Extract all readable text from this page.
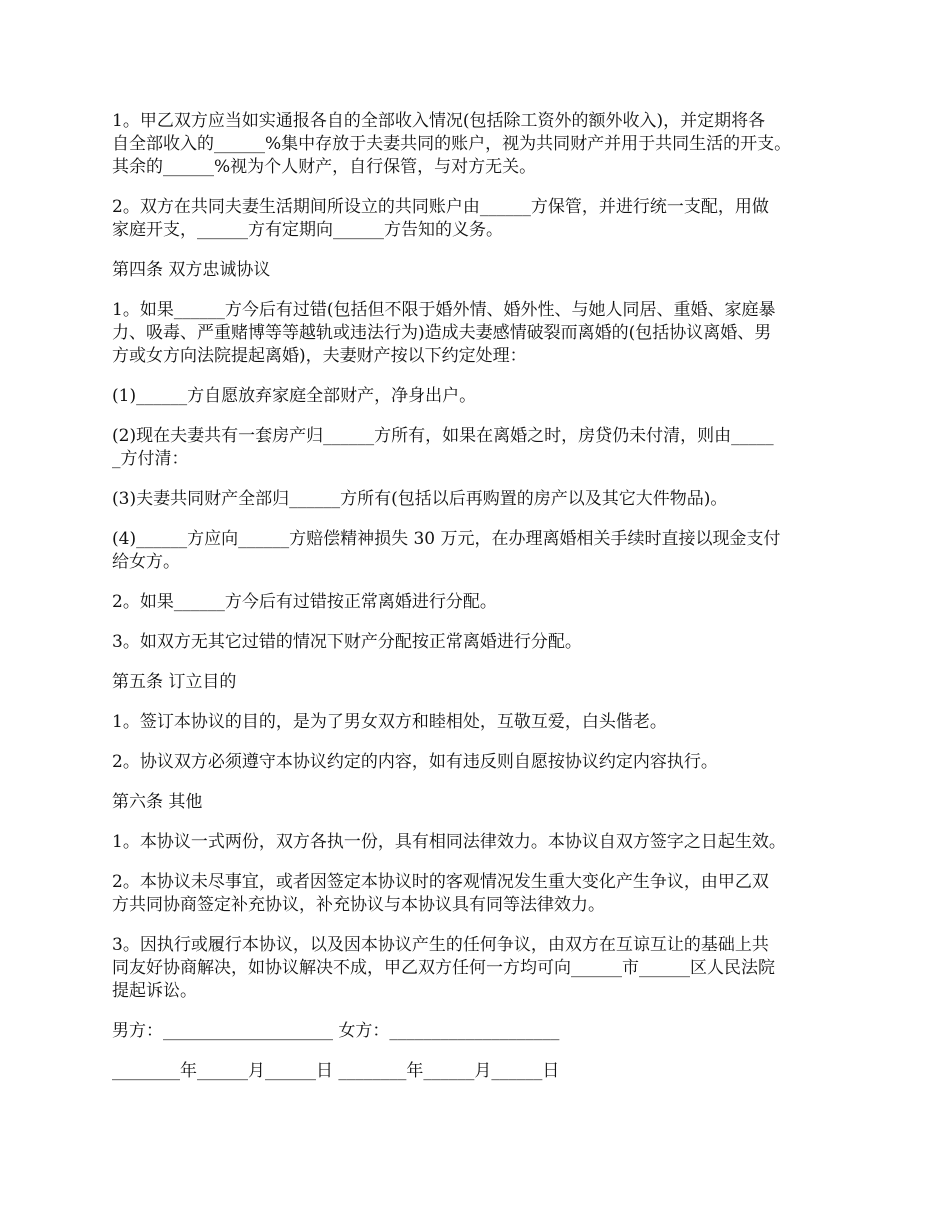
1。甲乙双方应当如实通报各自的全部收入情况(包括除工资外的额外收入)，并定期将各
自全部收入的______%集中存放于夫妻共同的账户，视为共同财产并用于共同生活的开支。
其余的______%视为个人财产，自行保管，与对方无关。
2。双方在共同夫妻生活期间所设立的共同账户由______方保管，并进行统一支配，用做
家庭开支，______方有定期向______方告知的义务。
第四条 双方忠诚协议
1。如果______方今后有过错(包括但不限于婚外情、婚外性、与她人同居、重婚、家庭暴
力、吸毒、严重赌博等等越轨或违法行为)造成夫妻感情破裂而离婚的(包括协议离婚、男
方或女方向法院提起离婚)，夫妻财产按以下约定处理：
(1)______方自愿放弃家庭全部财产，净身出户。
(2)现在夫妻共有一套房产归______方所有，如果在离婚之时，房贷仍未付清，则由_____
_方付清：
(3)夫妻共同财产全部归______方所有(包括以后再购置的房产以及其它大件物品)。
(4)______方应向______方赔偿精神损失 30 万元，在办理离婚相关手续时直接以现金支付
给女方。
2。如果______方今后有过错按正常离婚进行分配。
3。如双方无其它过错的情况下财产分配按正常离婚进行分配。
第五条 订立目的
1。签订本协议的目的，是为了男女双方和睦相处，互敬互爱，白头偕老。
2。协议双方必须遵守本协议约定的内容，如有违反则自愿按协议约定内容执行。
第六条 其他
1。本协议一式两份，双方各执一份，具有相同法律效力。本协议自双方签字之日起生效。
2。本协议未尽事宜，或者因签定本协议时的客观情况发生重大变化产生争议，由甲乙双
方共同协商签定补充协议，补充协议与本协议具有同等法律效力。
3。因执行或履行本协议，以及因本协议产生的任何争议，由双方在互谅互让的基础上共
同友好协商解决，如协议解决不成，甲乙双方任何一方均可向______市______区人民法院
提起诉讼。
男方：____________________ 女方：____________________
________年______月______日 ________年______月______日
